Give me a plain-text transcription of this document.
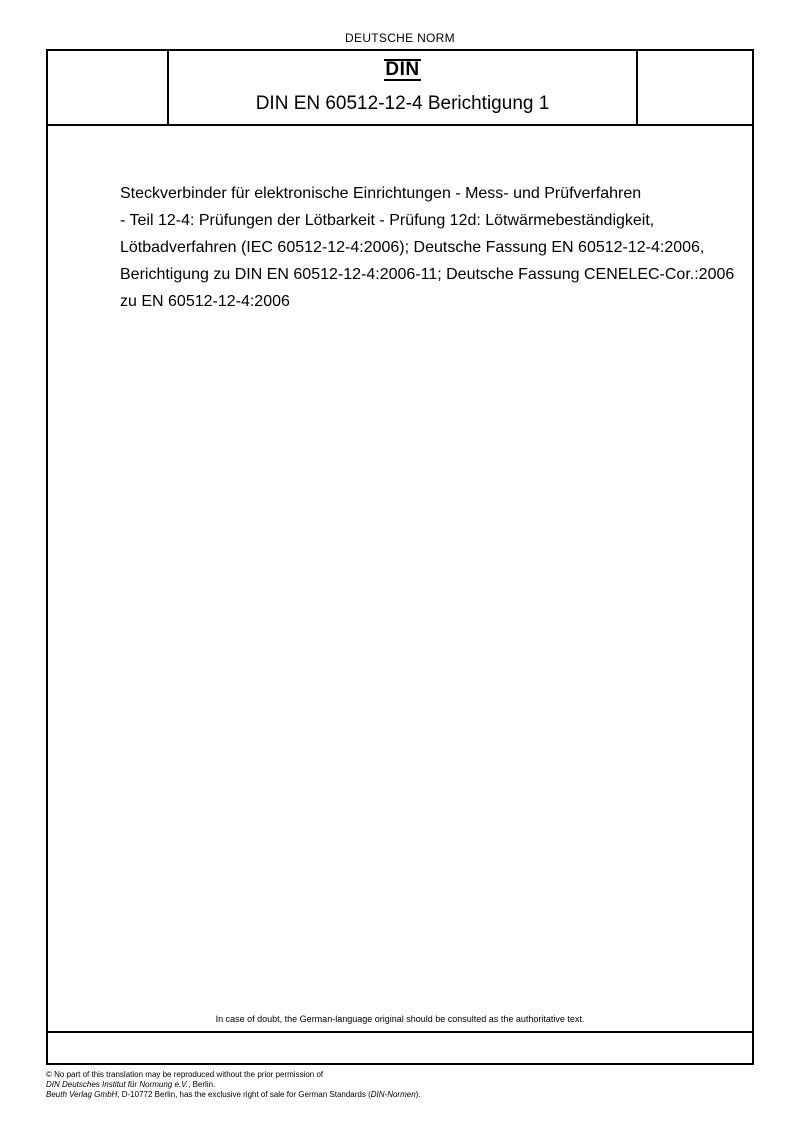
DEUTSCHE NORM
DIN
DIN EN 60512-12-4 Berichtigung 1
Steckverbinder für elektronische Einrichtungen - Mess- und Prüfverfahren
- Teil 12-4: Prüfungen der Lötbarkeit - Prüfung 12d: Lötwärmebeständigkeit,
Lötbadverfahren (IEC 60512-12-4:2006); Deutsche Fassung EN 60512-12-4:2006,
Berichtigung zu DIN EN 60512-12-4:2006-11; Deutsche Fassung CENELEC-Cor.:2006
zu EN 60512-12-4:2006
In case of doubt, the German-language original should be consulted as the authoritative text.
© No part of this translation may be reproduced without the prior permission of
DIN Deutsches Institut für Normung e.V., Berlin.
Beuth Verlag GmbH, D-10772 Berlin, has the exclusive right of sale for German Standards (DIN-Normen).
